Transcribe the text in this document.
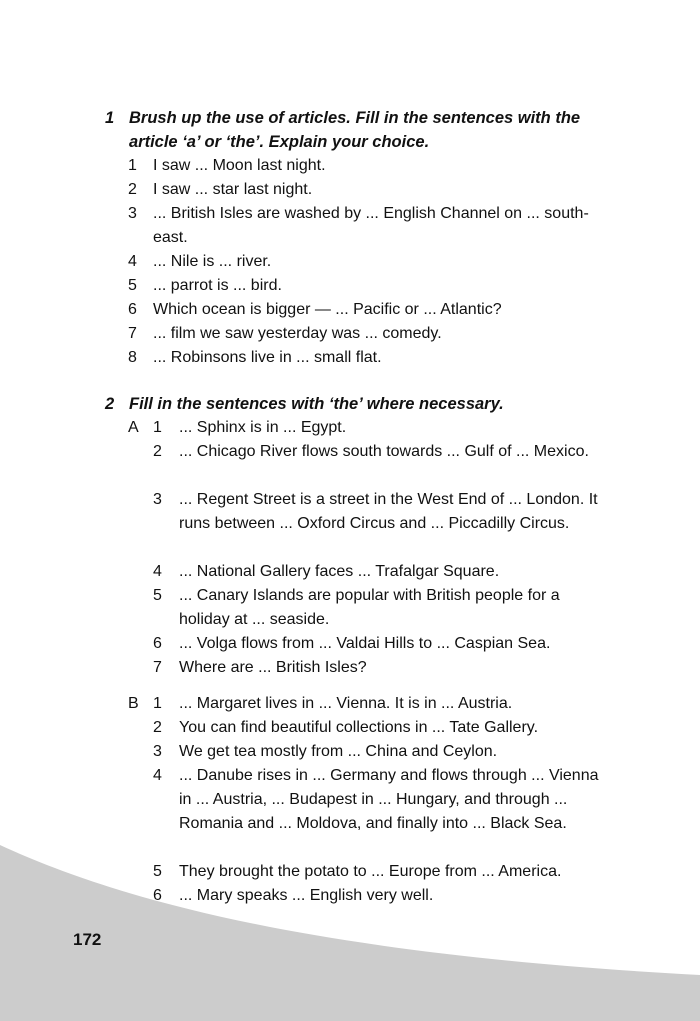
1 Brush up the use of articles. Fill in the sentences with the article ‘a’ or ‘the’. Explain your choice.
1 I saw ... Moon last night.
2 I saw ... star last night.
3 ... British Isles are washed by ... English Channel on ... south-east.
4 ... Nile is ... river.
5 ... parrot is ... bird.
6 Which ocean is bigger — ... Pacific or ... Atlantic?
7 ... film we saw yesterday was ... comedy.
8 ... Robinsons live in ... small flat.
2 Fill in the sentences with ‘the’ where necessary.
A 1 ... Sphinx is in ... Egypt.
2 ... Chicago River flows south towards ... Gulf of ... Mexico.
3 ... Regent Street is a street in the West End of ... London. It runs between ... Oxford Circus and ... Piccadilly Circus.
4 ... National Gallery faces ... Trafalgar Square.
5 ... Canary Islands are popular with British people for a holiday at ... seaside.
6 ... Volga flows from ... Valdai Hills to ... Caspian Sea.
7 Where are ... British Isles?
B 1 ... Margaret lives in ... Vienna. It is in ... Austria.
2 You can find beautiful collections in ... Tate Gallery.
3 We get tea mostly from ... China and Ceylon.
4 ... Danube rises in ... Germany and flows through ... Vienna in ... Austria, ... Budapest in ... Hungary, and through ... Romania and ... Moldova, and finally into ... Black Sea.
5 They brought the potato to ... Europe from ... America.
6 ... Mary speaks ... English very well.
172
